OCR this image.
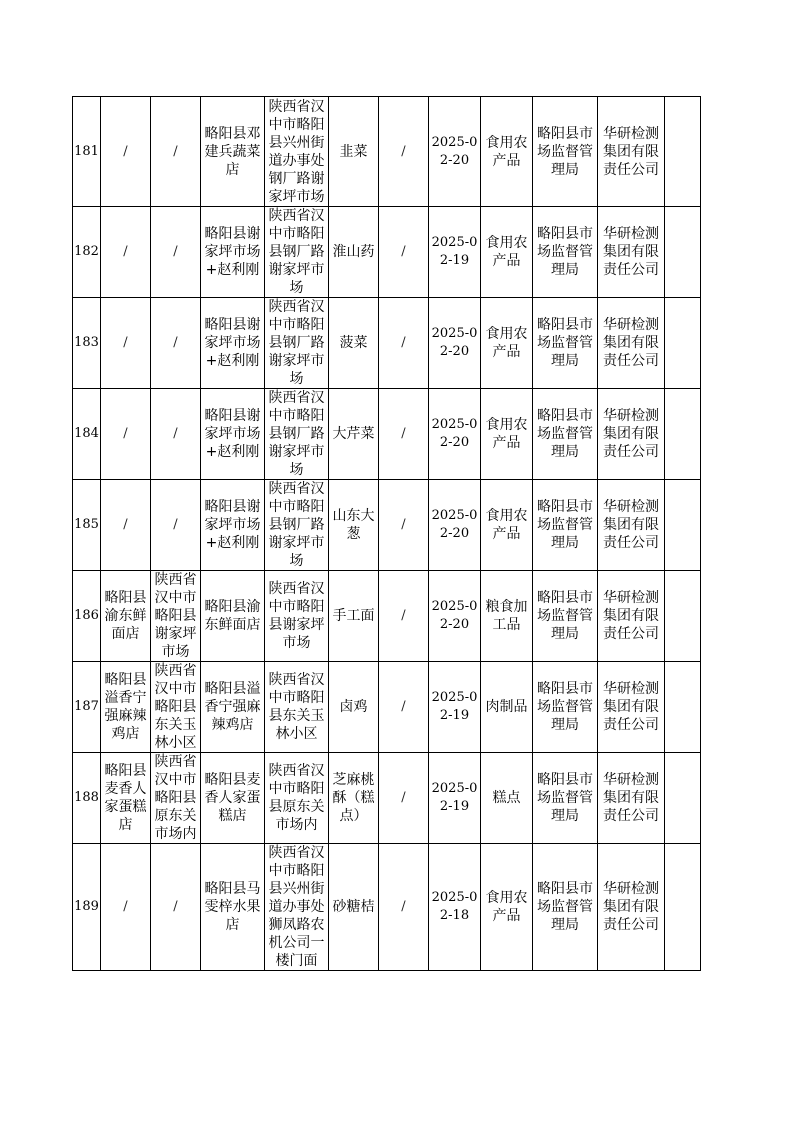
181	/	/	略阳县邓建兵蔬菜店	陕西省汉中市略阳县兴州街道办事处钢厂路谢家坪市场	韭菜	/	2025-02-20	食用农产品	略阳县市场监督管理局	华研检测集团有限责任公司	
182	/	/	略阳县谢家坪市场+赵利刚	陕西省汉中市略阳县钢厂路谢家坪市场	淮山药	/	2025-02-19	食用农产品	略阳县市场监督管理局	华研检测集团有限责任公司	
183	/	/	略阳县谢家坪市场+赵利刚	陕西省汉中市略阳县钢厂路谢家坪市场	菠菜	/	2025-02-20	食用农产品	略阳县市场监督管理局	华研检测集团有限责任公司	
184	/	/	略阳县谢家坪市场+赵利刚	陕西省汉中市略阳县钢厂路谢家坪市场	大芹菜	/	2025-02-20	食用农产品	略阳县市场监督管理局	华研检测集团有限责任公司	
185	/	/	略阳县谢家坪市场+赵利刚	陕西省汉中市略阳县钢厂路谢家坪市场	山东大葱	/	2025-02-20	食用农产品	略阳县市场监督管理局	华研检测集团有限责任公司	
186	略阳县渝东鲜面店	陕西省汉中市略阳县谢家坪市场	略阳县渝东鲜面店	陕西省汉中市略阳县谢家坪市场	手工面	/	2025-02-20	粮食加工品	略阳县市场监督管理局	华研检测集团有限责任公司	
187	略阳县溢香宁强麻辣鸡店	陕西省汉中市略阳县东关玉林小区	略阳县溢香宁强麻辣鸡店	陕西省汉中市略阳县东关玉林小区	卤鸡	/	2025-02-19	肉制品	略阳县市场监督管理局	华研检测集团有限责任公司	
188	略阳县麦香人家蛋糕店	陕西省汉中市略阳县原东关市场内	略阳县麦香人家蛋糕店	陕西省汉中市略阳县原东关市场内	芝麻桃酥（糕点）	/	2025-02-19	糕点	略阳县市场监督管理局	华研检测集团有限责任公司	
189	/	/	略阳县马雯梓水果店	陕西省汉中市略阳县兴州街道办事处狮凤路农机公司一楼门面	砂糖桔	/	2025-02-18	食用农产品	略阳县市场监督管理局	华研检测集团有限责任公司	
